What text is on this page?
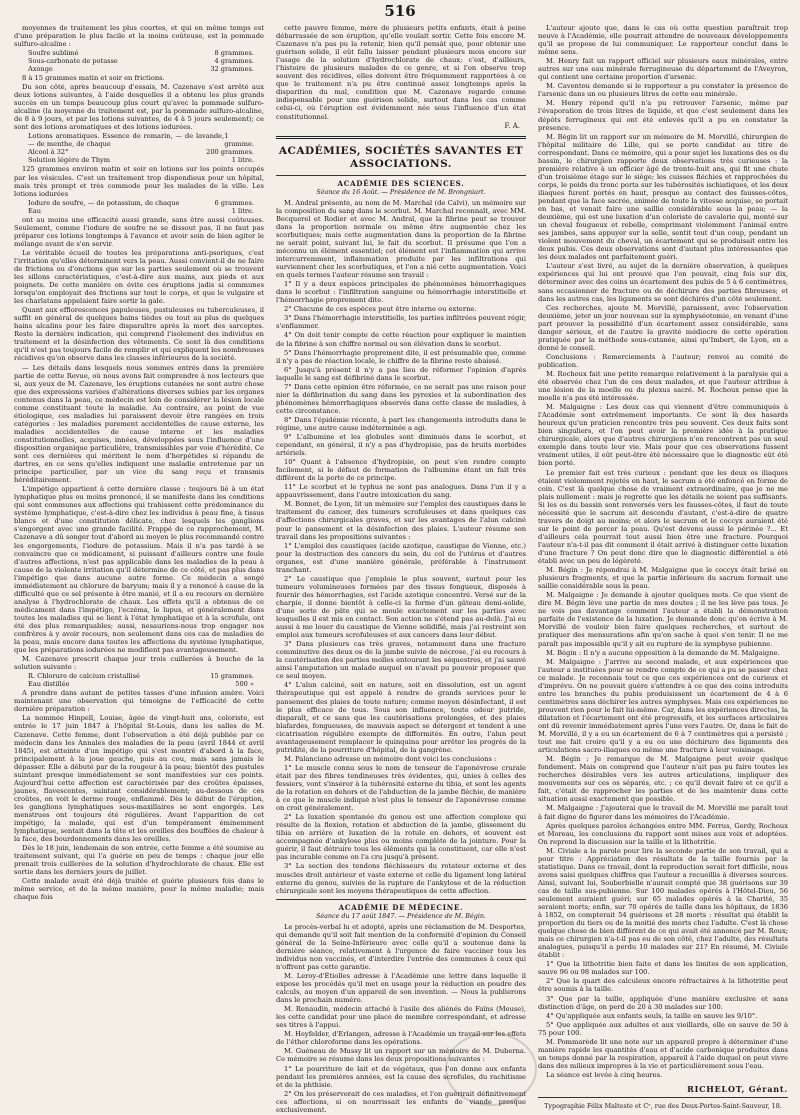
516

moyennes de traitement les plus courtes, et qui en même temps est d'une préparation le plus facile et la moins coûteuse, est la pommade sulfuro-alcaline :

Soufre sublimé	8 grammes.
Sous-carbonate de potasse	4 grammes.
Axonge	32 grammes.

8 à 15 grammes matin et soir en frictions.

Du son côté, après beaucoup d'essais, M. Cazenave s'est arrêté aux deux lotions suivantes, à l'aide desquelles il a obtenu les plus grands succès en un temps beaucoup plus court qu'avec la pommade sulfuro-alcaline (la moyenne du traitement est, par la pommade sulfuro-alcaline, de 8 à 9 jours, et par les lotions suivantes, de 4 à 5 jours seulement); ce sont des lotions aromatiques et des lotions iodurées.

Lotions aromatiques. Essence de romarin, — de lavande, — de menthe, de chaque
1 gramme.
Alcool à 32°	200 grammes.
Solution légère de Thym	1 litre.

125 grammes environ matin et soir en lotions sur les points occupés par les vésicules. C'est un traitement trop dispendieux pour un hôpital, mais très prompt et très commode pour les malades de la ville. Les lotions iodurées

Iodure de soufre, — de potassium, de chaque	6 grammes.
Eau	1 litre.

ont au moins une efficacité aussi grande, sans être aussi coûteuses. Seulement, comme l'iodure de soufre ne se dissout pas, il ne faut pas préparer ces lotions longtemps à l'avance et avoir soin de bien agiter le mélange avant de s'en servir.

Le véritable écueil de toutes les préparations anti-psoriques, c'est l'irritation qu'elles déterminent vers la peau. Aussi convient-il de ne faire de frictions ou d'onctions que sur les parties seulement où se trouvent les sillons caractéristiques, c'est-à-dire aux mains, aux pieds et aux poignets. De cette manière on évite ces éruptions jadis si communes lorsqu'on employait des frictions sur tout le corps, et que le vulgaire et les charlatans appelaient faire sortir la gale.

Quant aux efflorescences papuleuses, pustuleuses ou tuberculeuses, il suffit en général de quelques bains tièdes ou tout au plus de quelques bains alcalins pour les faire disparaître après la mort des sarcoptes. Reste la dernière indication, qui comprend l'isolement des individus en traitement et la désinfection des vêtements. Ce sont là des conditions qu'il n'est pas toujours facile de remplir et qui expliquent les nombreuses récidives qu'on observe dans les classes inférieures de la société.

— Les détails dans lesquels nous sommes entrés dans la première partie de cette Revue, où nous avons fait comprendre à nos lecteurs que si, aux yeux de M. Cazenave, les éruptions cutanées ne sont autre chose que des expressions variées d'altérations diverses subies par les organes contenus dans la peau, ce médecin est loin de considérer la lésion locale comme constituant toute la maladie. Au contraire, au point de vue étiologique, ces maladies lui paraissent devoir être rangées en trois catégories : les maladies purement accidentelles de cause externe, les maladies accidentelles de cause interne et les maladies constitutionnelles, acquises, innées, développées sous l'influence d'une disposition organique particulière, transmissibles par voie d'hérédité. Ce sont ces dernières qui méritent le nom d'herpétides si répandu de dartres, en ce sens qu'elles indiquent une maladie entretenue par un principe particulier, par un vice du sang reçu et transmis héréditairement.

L'impétigo appartient à cette dernière classe : toujours lié à un état lymphatique plus ou moins prononcé, il se manifeste dans les conditions qui sont communes aux affections qui trahissent cette prédominance du système lymphatique, c'est-à-dire chez les individus à peau fine, à tissus blancs et d'une constitution délicate, chez lesquels les ganglions s'engorgent avec une grande facilité. Frappé de ce rapprochement, M. Cazenave a dû songer tout d'abord au moyen le plus recommandé contre les engorgements, l'iodure de potassium. Mais il n'a pas tardé à se convaincre que ce médicament, si puissant d'ailleurs contre une foule d'autres affections, n'est pas applicable dans les maladies de la peau à cause de la violente irritation qu'il détermine de ce côté, et pas plus dans l'impétigo que dans aucune autre forme. Ce médecin a songé immédiatement au chlorure de baryum; mais il y a renoncé à cause de la difficulté que ce sel présente à être manié, et il a eu recours en dernière analyse à l'hydrochlorate de chaux. Les effets qu'il a obtenus de ce médicament dans l'impétigo, l'eczéma, le lupus, et généralement dans toutes les maladies qui se lient à l'état lymphatique et à la scrofule, ont été des plus remarquables; aussi, nesaurions-nous trop engager nos confrères à y avoir recours, non seulement dans ces cas de maladies de la peau, mais encore dans toutes les affections du système lymphatique, que les préparations iodurées ne modifient pas avantageusement.

M. Cazenave prescrit chaque jour trois cuillerées à bouche de la solution suivante :

R. Chlorure de calcium cristallisé	15 grammes.
Eau distillée	500 »

A prendre dans autant de petites tasses d'une infusion amère. Voici maintenant une observation qui témoigne de l'efficacité de cette dernière préparation :

La nommée Hinpell, Louise, âgée de vingt-huit ans, coloriste, est entrée le 17 juin 1847 à l'hôpital St-Louis, dans les salles de M. Cazenave. Cette femme, dont l'observation a été déjà publiée par ce médecin dans les Annales des maladies de la peau (avril 1844 et avril 1845), est atteinte d'un impétigo qui s'est montré d'abord à la face, principalement à la joue gauche, puis au cou, mais sans jamais le dépasser. Elle a débuté par de la rougeur à la peau; bientôt des pustules suintant presque immédiatement se sont manifestées sur ces points. Aujourd'hui cette affection est caractérisée par des croûtes épaisses, jaunes, flavescentes, suintant considérablement; au-dessous de ces croûtes, on voit le derme rouge, enflammé. Dès le début de l'éruption, les ganglions lymphatiques sous-maxillaires se sont engorgés. Les menstrues ont toujours été régulières. Avant l'apparition de cet impétigo, la malade, qui est d'un tempérament éminemment lymphatique, sentait dans la tête et les oreilles des bouffées de chaleur à la face, des bourdonnements dans les oreilles.

Dès le 18 juin, lendemain de son entrée, cette femme a été soumise au traitement suivant, qui l'a guérie en peu de temps : chaque jour elle prenait trois cuillerées de la solution d'hydrochlorate de chaux. Elle est sortie dans les derniers jours de juillet.

Cette malade avait été déjà traitée et guérie plusieurs fois dans le même service, et de la même manière, pour la même maladie; mais chaque fois

cette pauvre femme, mère de plusieurs petits enfants, était à peine débarrassée de son éruption, qu'elle voulait sortir. Cette fois encore M. Cazenave n'a pas pu la retenir, bien qu'il pensât que, pour obtenir une guérison solide, il eût fallu laisser pendant plusieurs mois encore sur l'usage de la solution d'hydrochlorate de chaux; c'est, d'ailleurs, l'histoire de plusieurs malades de ce genre, et si l'on observe trop souvent des récidives, elles doivent être fréquemment rapportées à ce que le traitement n'a pu être continué assez longtemps après la disparition du mal, condition que M. Cazenave regarde comme indispensable pour une guérison solide, surtout dans les cas comme celui-ci, où l'éruption est évidemment née sous l'influence d'un état constitutionnel.

F. A.
ACADÉMIES, SOCIÉTÉS SAVANTES ET ASSOCIATIONS.
ACADÉMIE DES SCIENCES.
Séance du 16 Août. — Présidence de M. Brongniart.

M. Andral présente, au nom de M. Marchal (de Calvi), un mémoire sur la composition du sang dans le scorbut. M. Marchal reconnaît, avec MM. Becquerel et Rodier et avec M. Andral, que la fibrine peut se trouver dans la proportion normale ou même être augmentée chez les scorbutiques; mais cette augmentation dans la proportion de la fibrine ne serait point, suivant lui, le fait du scorbut. Il présume que l'on a méconnu un élément essentiel; cet élément est l'inflammation qui arrive intercurremment, inflammation produite par les infiltrations qui surviennent chez les scorbutiques, et l'on a nié cette augmentation. Voici en quels termes l'auteur résume son travail :

1° Il y a deux espèces principales de phénomènes hémorrhagiques dans le scorbut : l'infiltration sanguine ou hémorrhagie interstitielle et l'hémorrhagie proprement dite.

2° Chacune de ces espèces peut être interne ou externe.

3° Dans l'hémorrhagie interstitielle, les parties infiltrées peuvent régir, s'enflammer.

4° On doit tenir compte de cette réaction pour expliquer le maintien de la fibrine à son chiffre normal ou son élévation dans le scorbut.

5° Dans l'hémorrhagie proprement dite, il est présumable que, comme il n'y a pas de réaction locale, le chiffre de la fibrine reste abaissé.

6° Jusqu'à présent il n'y a pas lieu de réformer l'opinion d'après laquelle le sang est défibriné dans le scorbut.

7° Dans cette opinion être réformée, ce ne serait pas une raison pour nier la défibrination du sang dans les pyrexies et la subordination des phénomènes hémorrhagiques observés dans cette classe de maladies, à cette circonstance.

8° Dans l'épidémie récente, à part les changements introduits dans le régime, une autre cause indéterminée a agi.

9° L'albumine et les globules sont diminués dans le scorbut, et cependant, en général, il n'y a pas d'hydropisie, pas de bruits morbides artériels.

10° Quant à l'absence d'hydropisie, on peut s'en rendre compte facilement, si le défaut de formation de l'albumine étant un fait très différent de la perte de ce principe.

11° Le scorbut et le typhus ne sont pas analogues. Dans l'un il y a appauvrissement, dans l'autre intoxication du sang.

M. Bonnet, de Lyon, lit un mémoire sur l'emploi des caustiques dans le traitement du cancer, des tumeurs scrofuleuses et dans quelques cas d'affections chirurgicales graves, et sur les avantages de l'alun calciné pour le pansement et la désinfection des plaies. L'auteur résume son travail dans les propositions suivantes :

1° L'emploi des caustiques (acide azotique, caustique de Vienne, etc.) pour la destruction des cancers du sein, du col de l'utérus et d'autres organes, est d'une manière générale, préférable à l'instrument tranchant.

2° Le caustique que j'emploie le plus souvent, surtout pour les tumeurs volumineuses formées par des tissus fongueux, disposés à fournir des hémorrhagies, est l'acide azotique concentré. Versé sur de la charpie, il donne bientôt à celle-ci la forme d'un gâteau demi-solide, d'une sorte de pâte qui se moule exactement sur les parties avec lesquelles il est mis en contact. Son action ne s'étend pas au-delà. J'ai eu aussi à me louer du caustique de Vienne solidifié, mais j'ai restreint son emploi aux tumeurs scrofuleuses et aux cancers dans leur début.

3° Dans plusieurs cas très graves, notamment dans une fracture comminutive des deux os de la jambe suivie de nécrose, j'ai eu recours à la cautérisation des parties molles entourant les séquestres, et j'ai sauvé ainsi l'amputation un malade auquel on n'avait pu pouvoir proposer que ce seul moyen.

4° L'alun calciné, soit en nature, soit en dissolution, est un agent thérapeutique qui est appelé à rendre de grands services pour le pansement des plaies de toute nature; comme moyen désinfectant, il est le plus efficace de tous. Sous son influence, toute odeur putride, disparaît, et ce sans que les cautérisations prolongées, et des plaies blafardes, fongueuses, de mauvais aspect se détergent et tendent à une cicatrisation régulière exempte de difformités. En outre, l'alun peut avantageusement remplacer le quinquina pour arrêter les progrès de la putridité, de la pourriture d'hôpital, de la gangrène.

M. Palanciano adresse un mémoire dont voici les conclusions :

1° Le muscle connu sous le nom de tenseur de l'aponévrose crurale était par des fibres tendineuses très évidentes, qui, unies à celles des fessiers, vont s'insérer à la tubérosité externe du tibia, et sont les agents de la rotation en dehors et de l'abduction de la jambe fléchie, de manière à ce que le muscle indiqué n'est plus le tenseur de l'aponévrose comme on croit généralement.

2° La luxation spontanée du genou est une affection complexe qui résulte de la flexion, rotation et abduction de la jambe, glissement du tibia en arrière et luxation de la rotule en dehors, et souvent est accompagnée d'ankylose plus ou moins complète de la jointure. Pour la guérir, il faut détruire tous les éléments qui la constituent, car elle n'est pas incurable comme on l'a cru jusqu'à présent.

3° La section des tendons fléchisseurs du rotateur externe et des muscles droit antérieur et vaste externe et celle du ligament long latéral externe du genou, suivies de la rupture de l'ankylose et de la réduction chirurgicale sont les moyens thérapeutiques de cette affection.

ACADÉMIE DE MÉDECINE.
Séance du 17 août 1847. — Présidence de M. Bégin.

Le procès-verbal lu et adopté, après une réclamation de M. Desportes, qui demande qu'il soit fait mention de la conformité d'opinion du Conseil général de la Seine-Inférieure avec celle qu'il a soutenue dans la dernière séance, relativement à l'urgence de faire vacciner tous les individus non vaccinés, et d'interdire l'entrée des communes à ceux qui n'offrent pas cette garantie.

M. Leroy-d'Étiolles adresse à l'Académie une lettre dans laquelle il expose les procédés qu'il met en usage pour la réduction en poudre des calculs, au moyen d'un appareil de son invention. — Nous la publierons dans le prochain numéro.

M. Renaudin, médecin attaché à l'asile des aliénés de Faïns (Meuse), les cette candidat pour une place de membre correspondant, et adresse ses titres à l'appui.

M. Heyfelder, d'Erlangen, adresse à l'Académie un travail sur les effets de l'éther chloroforme dans les opérations.

M. Guéneau de Mussy lit un rapport sur un mémoire de M. Duberna. Ce mémoire se résume dans les deux propositions suivantes :

1° Le pourriture de lait et de végétaux, que l'on donne aux enfants pendant les premières années, est la cause des scrofules, du rachitisme et de la phthisie.

2° On les préserverait de ces maladies, et l'on guérirait définitivement ces affections, si on nourrissait les enfants de viande presque exclusivement.

L'auteur ajoute que, dans le cas où cette question paraîtrait trop neuve à l'Académie, elle pourrait attendre de nouveaux développements qu'il se propose de lui communiquer. Le rapporteur conclut dans le même sens.

M. Henry fait un rapport officiel sur plusieurs eaux minérales, entre autres sur une eau minérale ferrugineuse du département de l'Aveyron, qui contient une certaine proportion d'arsenic.

M. Caventou demande si le rapporteur a pu constater la présence de l'arsenic dans un ou plusieurs litres de cette eau minérale.

M. Henry répond qu'il n'a pu retrouver l'arsenic, même par l'évaporation de trois litres de liquide, et que c'est seulement dans les dépôts ferrugineux qui ont été enlevés qu'il a pu en constater la présence.

M. Bégin lit un rapport sur un mémoire de M. Morvillé, chirurgien de l'hôpital militaire de Lille, qui se porte candidat au titre de correspondant. Dans ce mémoire, qui a pour sujet les luxations des os du bassin, le chirurgien rapporte deux observations très curieuses : la première relative à un officier âgé de trente-huit ans, qui fit une chute d'un troisième étage sur le siège; les cuisses fléchies et rapprochées du corps, le poids du tronc porta sur les tubérosités ischiatiques, et les deux iliaques furent portés en haut, presque au contact des fausses-côtes, pendant que la face sacrée, animée de toute la vitesse acquise, se portait en bas, et venait faire une saillie considérable sous la peau; — la deuxième, qui est une luxation d'un coloriste de cavalerie qui, monté sur un cheval fougueux et rebelle, comprimant violemment l'animal entre ses jambes, sans appuyer sur la selle, sentit tout d'un coup, pendant un violent mouvement du cheval, un écartement qui se produisait entre les deux pubis. Ces deux observations sont d'autant plus intéressantes que les deux malades ont parfaitement guéri.

L'auteur s'est livré, au sujet de la dernière observation, à quelques expériences qui lui ont prouvé que l'on pouvait, cinq fois sur dix, déterminer avec des coins un écartement des pubis de 5 à 6 centimètres, sans occasionner de fracture ou de déchirure des parties fibreuses; et dans les autres cas, les ligaments se sont déchirés d'un côté seulement.

Ces recherches, ajoute M. Morvillé, paraissent, avec l'observation deuxième, jeter un jour nouveau sur la symphyséotomie, en venant d'une part prouver la possibilité d'un écartement assez considérable, sans danger sérieux, et de l'autre la gravité médiocre de cette opération pratiquée par la méthode sous-cutanée, ainsi qu'Imbert, de Lyon, en a donné le conseil.

Conclusions : Remerciements à l'auteur; renvoi au comité de publication.

M. Rochoux fait une petite remarque relativement à la paralysie qui a été observée chez l'un de ces deux malades, et que l'auteur attribue à une lésion de la moelle ou du plexus sacré. M. Rochoux pense que la moelle n'a pas été intéressée.

M. Malgaigne : Les deux cas qui viennent d'être communiqués à l'Académie sont extrêmement importants. Ce sont là des hasards heureux qu'un praticien rencontre très peu souvent. Ces deux faits sont bien singuliers, et l'on peut avoir la première idée à la pratique chirurgicale, alors que d'autres chirurgiens n'en rencontrent pas un seul exemple dans toute leur vie. Mais pour que ces observations fussent vraiment utiles, il eût peut-être été nécessaire que le diagnostic eût été bien porté.

Le premier fait est très curieux : pendant que les deux os iliaques étaient violemment rejetés en haut, le sacrum a été enfoncé en forme de coin. C'est là quelque chose de vraiment extraordinaire, que je ne me plais nullement : mais je regrette que les détails ne soient pas suffisants. Si les os du bassin sont renversés vers les fausses-côtes, il faut de toute nécessité que le sacrum ait descendu d'autant, c'est-à-dire de quatre travers de doigt au moins; et alors le sacrum et le coccyx auraient été sur le point de percer la peau. Qu'est devenu aussi le périnée ?... Et d'ailleurs cela pourrait tout aussi bien être une fracture. Pourquoi l'auteur n'a-t-il pas dit comment il était arrivé à distinguer cette luxation d'une fracture ? On peut donc dire que le diagnostic différentiel a été établi avec un peu de légèreté.

M. Bégin : Je répondrai à M. Malgaigne que le coccyx était brisé en plusieurs fragments, et que la partie inférieure du sacrum formait une saillie considérable sous la peau.

M. Malgaigne : Je demande à ajouter quelques mots. Ce que vient de dire M. Bégin lève une partie de mes doutes ; il ne les lève pas tous. Je ne vois pas davantage comment l'auteur a établi la démonstration parfaite de l'existence de la luxation. Je demande donc qu'on écrive à M. Morvillé de vouloir bien faire quelques recherches, et surtout de pratiquer des mensurations afin qu'on sache à quoi s'en tenir. Il ne me paraît pas impossible qu'il y ait eu rupture de la symphyse pubienne.

M. Bégin : Il n'y a aucune opposition à la demande de M. Malgaigne.

M. Malgaigne : J'arrive au second malade, et aux expériences que l'auteur a instituées pour se rendre compte de ce qui a pu se passer chez ce malade. Je reconnais tout ce que ces expériences ont de curieux et d'imprévu. On ne pouvait guère s'attendre à ce que des coins introduits entre les branches du pubis produisissent un écartement de 4 à 6 centimètres sans déchirer les autres symphyses. Mais ces expériences ne prouvent rien pour le fait lui-même. Car, dans les expériences directes, la dilatation et l'écartement ont été progressifs, et les surfaces articulaires ont dû revenir immédiatement après l'une vers l'autre. Or, dans le fait de M. Morvillé, il y a eu un écartement de 6 à 7 centimètres qui a persisté ; tout me fait croire qu'il y a eu ou une déchirure des ligaments des articulations sacro-iliaques ou même une fracture à leur voisinage.

M. Bégin : Je remarque de M. Malgaigne peut avoir quelque fondement. Mais on comprend que l'auteur n'ait pas pu faire toutes les recherches désirables vers les autres articulations, impliquer des mouvements sur ces os séparés, etc. ; ce qu'il devait faire et ce qu'il a fait, c'était de rapprocher les parties et de les maintenir dans cette situation aussi exactement que possible.

M. Malgaigne : J'ajouterai que le travail de M. Morvillé me paraît tout à fait digne de figurer dans les mémoires de l'Académie.

Après quelques paroles échangées entre MM. Ferrus, Gerdy, Rochoux et Moreau, les conclusions du rapport sont mises aux voix et adoptées. On reprend la discussion sur la taille et la lithotritie.

M. Civiale a la parole pour lire la seconde partie de son travail, qui a pour titre : Appréciation des résultats de la taille fournis par la statistique. Dans ce travail, dont la reproduction serait fort difficile, nous avons saisi quelques chiffres que l'auteur a recueillis à diverses sources. Ainsi, suivant lui, Souberbielle n'aurait compté que 38 guérisons sur 39 cas de taille sus-pubienne. Sur 100 malades opérés à l'Hôtel-Dieu, 56 seulement auraient guéri; sur 65 malades opérés à la Charité, 35 seraient morts; enfin, sur 70 opérés de taille dans les hôpitaux, de 1836 à 1852, on compterait 54 guérisons et 28 morts : résultat qui établit la proportion du tiers ou de la moitié des morts chez l'adulte. C'est là chose quelque chose de bien différent de ce qui avait été annoncé par M. Roux; mais ce chirurgien n'a-t-il pas eu de son côté, chez l'adulte, des résultats analogues, puisqu'il a perdu 10 malades sur 21? En résumé, M. Civiale établit :

1° Que la lithotritie bien faite et dans les limites de son application, sauve 96 ou 98 malades sur 100.

2° Que la quart des calculeux encore réfractaires à la lithotritie peut être soumis à la taille.

3° Que par la taille, appliquée d'une manière exclusive et sans distinction d'âge, on perd de 20 à 30 malades sur 100.

4° Qu'appliquée aux enfants seuls, la taille en sauve les 9/10°.

5° Que appliquée aux adultes et aux vieillards, elle en sauve de 50 à 75 pour 100.

M. Pommarède lit une note sur un appareil propre à déterminer d'une manière rapide les quantités d'eau et d'acide carbonique produites dans un temps donné par la respiration, appareil à l'aide duquel on peut vivre dans des milieux impropres à la vie et particulièrement sous l'eau.

La séance est levée à cinq heures.

RICHELOT, Gérant.
Typographie Félix Malteste et Cᵉ, rue des Deux-Portes-Saint-Sauveur, 18.
